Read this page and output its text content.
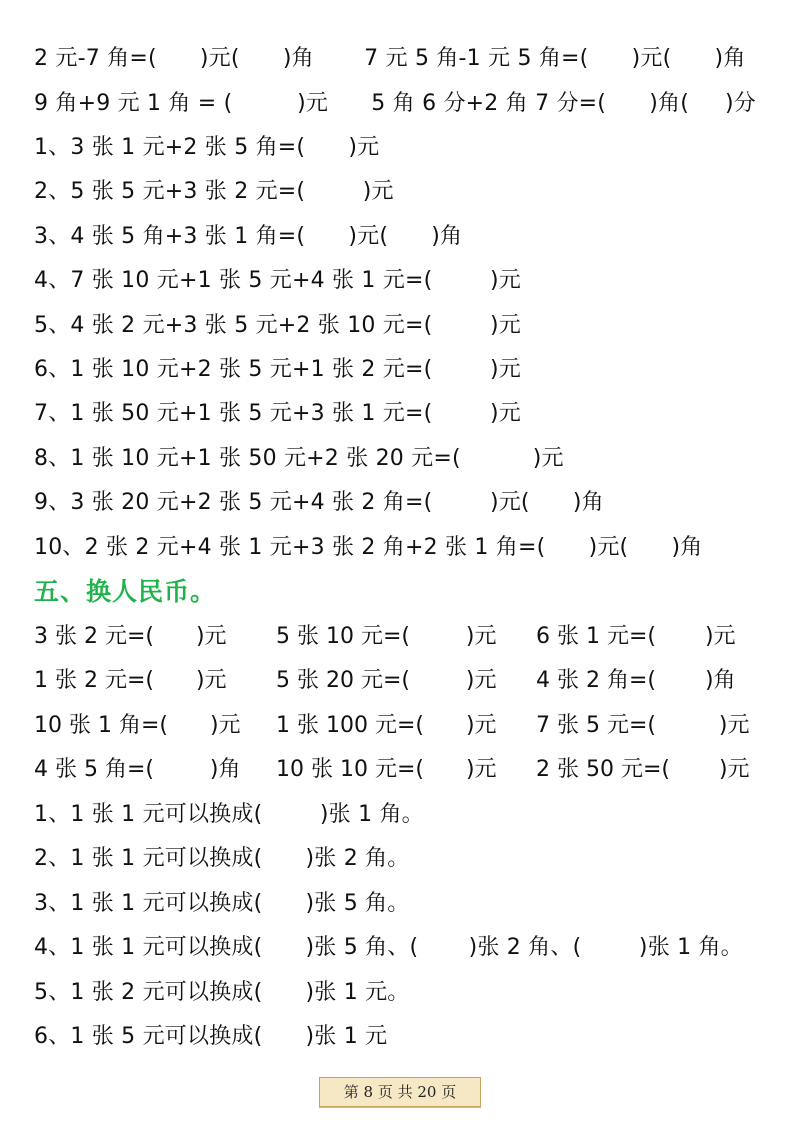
2 元-7 角=(      )元(      )角       7 元 5 角-1 元 5 角=(      )元(      )角
9 角+9 元 1 角 = (         )元      5 角 6 分+2 角 7 分=(      )角(     )分
1、3 张 1 元+2 张 5 角=(      )元
2、5 张 5 元+3 张 2 元=(        )元
3、4 张 5 角+3 张 1 角=(      )元(      )角
4、7 张 10 元+1 张 5 元+4 张 1 元=(        )元
5、4 张 2 元+3 张 5 元+2 张 10 元=(        )元
6、1 张 10 元+2 张 5 元+1 张 2 元=(        )元
7、1 张 50 元+1 张 5 元+3 张 1 元=(        )元
8、1 张 10 元+1 张 50 元+2 张 20 元=(          )元
9、3 张 20 元+2 张 5 元+4 张 2 角=(        )元(      )角
10、2 张 2 元+4 张 1 元+3 张 2 角+2 张 1 角=(      )元(      )角
五、换人民币。
3 张 2 元=(      )元 5 张 10 元=(        )元 6 张 1 元=(       )元
1 张 2 元=(      )元 5 张 20 元=(        )元 4 张 2 角=(       )角
10 张 1 角=(      )元 1 张 100 元=(      )元 7 张 5 元=(         )元
4 张 5 角=(        )角 10 张 10 元=(      )元 2 张 50 元=(       )元
1、1 张 1 元可以换成(        )张 1 角。
2、1 张 1 元可以换成(      )张 2 角。
3、1 张 1 元可以换成(      )张 5 角。
4、1 张 1 元可以换成(      )张 5 角、(       )张 2 角、(        )张 1 角。
5、1 张 2 元可以换成(      )张 1 元。
6、1 张 5 元可以换成(      )张 1 元
第 8 页 共 20 页
